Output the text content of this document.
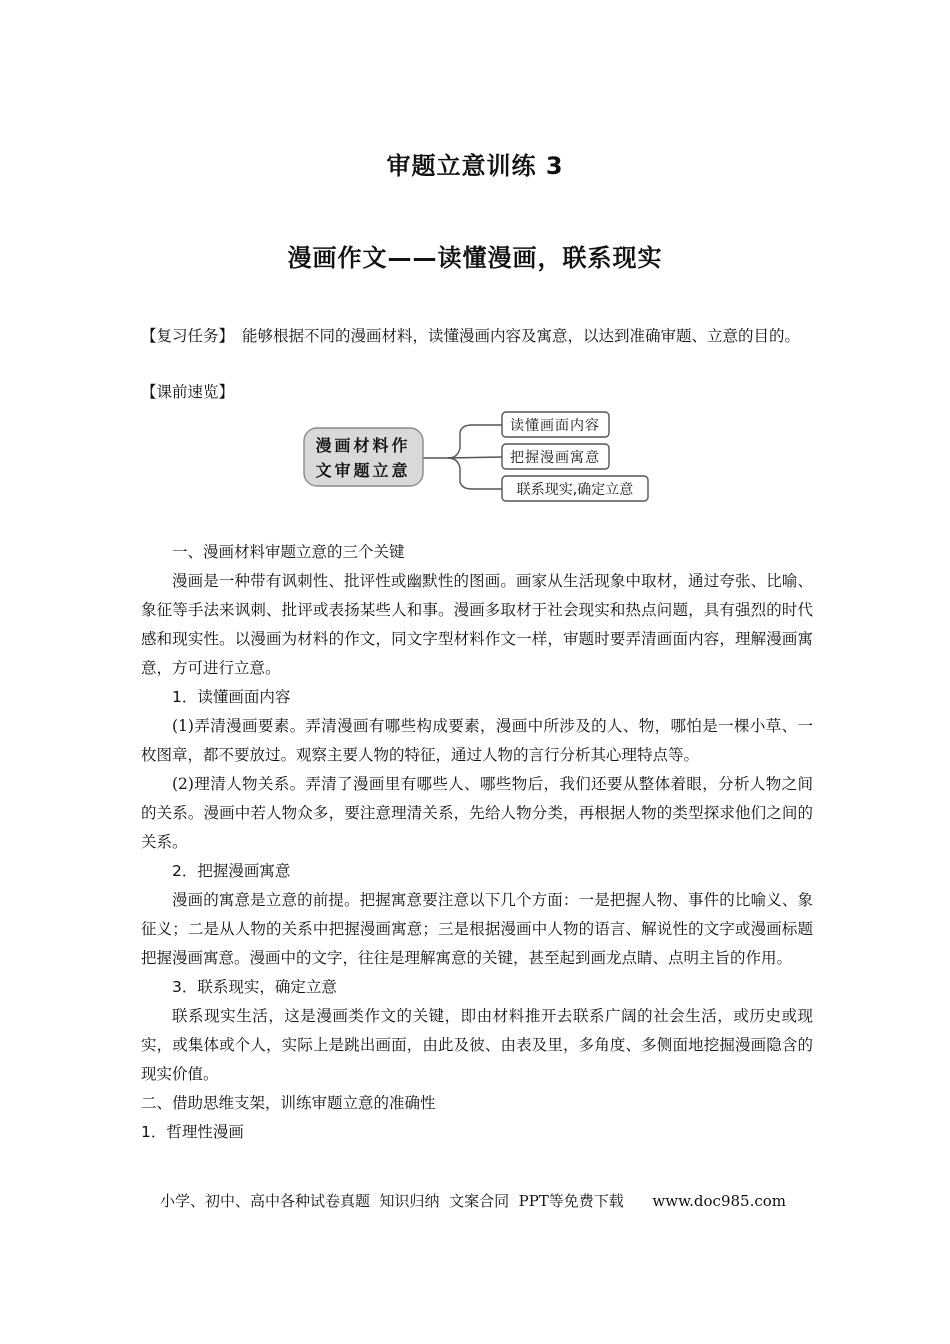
审题立意训练 3
漫画作文——读懂漫画，联系现实
【复习任务】 能够根据不同的漫画材料，读懂漫画内容及寓意，以达到准确审题、立意的目的。
【课前速览】
漫画材料作
文审题立意
读懂画面内容
把握漫画寓意
联系现实,确定立意
一、漫画材料审题立意的三个关键

漫画是一种带有讽刺性、批评性或幽默性的图画。画家从生活现象中取材，通过夸张、比喻、象征等手法来讽刺、批评或表扬某些人和事。漫画多取材于社会现实和热点问题，具有强烈的时代感和现实性。以漫画为材料的作文，同文字型材料作文一样，审题时要弄清画面内容，理解漫画寓意，方可进行立意。

1．读懂画面内容

(1)弄清漫画要素。弄清漫画有哪些构成要素，漫画中所涉及的人、物，哪怕是一棵小草、一枚图章，都不要放过。观察主要人物的特征，通过人物的言行分析其心理特点等。

(2)理清人物关系。弄清了漫画里有哪些人、哪些物后，我们还要从整体着眼，分析人物之间的关系。漫画中若人物众多，要注意理清关系，先给人物分类，再根据人物的类型探求他们之间的关系。

2．把握漫画寓意

漫画的寓意是立意的前提。把握寓意要注意以下几个方面：一是把握人物、事件的比喻义、象征义；二是从人物的关系中把握漫画寓意；三是根据漫画中人物的语言、解说性的文字或漫画标题把握漫画寓意。漫画中的文字，往往是理解寓意的关键，甚至起到画龙点睛、点明主旨的作用。

3．联系现实，确定立意

联系现实生活，这是漫画类作文的关键，即由材料推开去联系广阔的社会生活，或历史或现实，或集体或个人，实际上是跳出画面，由此及彼、由表及里，多角度、多侧面地挖掘漫画隐含的现实价值。

二、借助思维支架，训练审题立意的准确性
1．哲理性漫画
小学、初中、高中各种试卷真题  知识归纳  文案合同  PPT等免费下载 www.doc985.com
